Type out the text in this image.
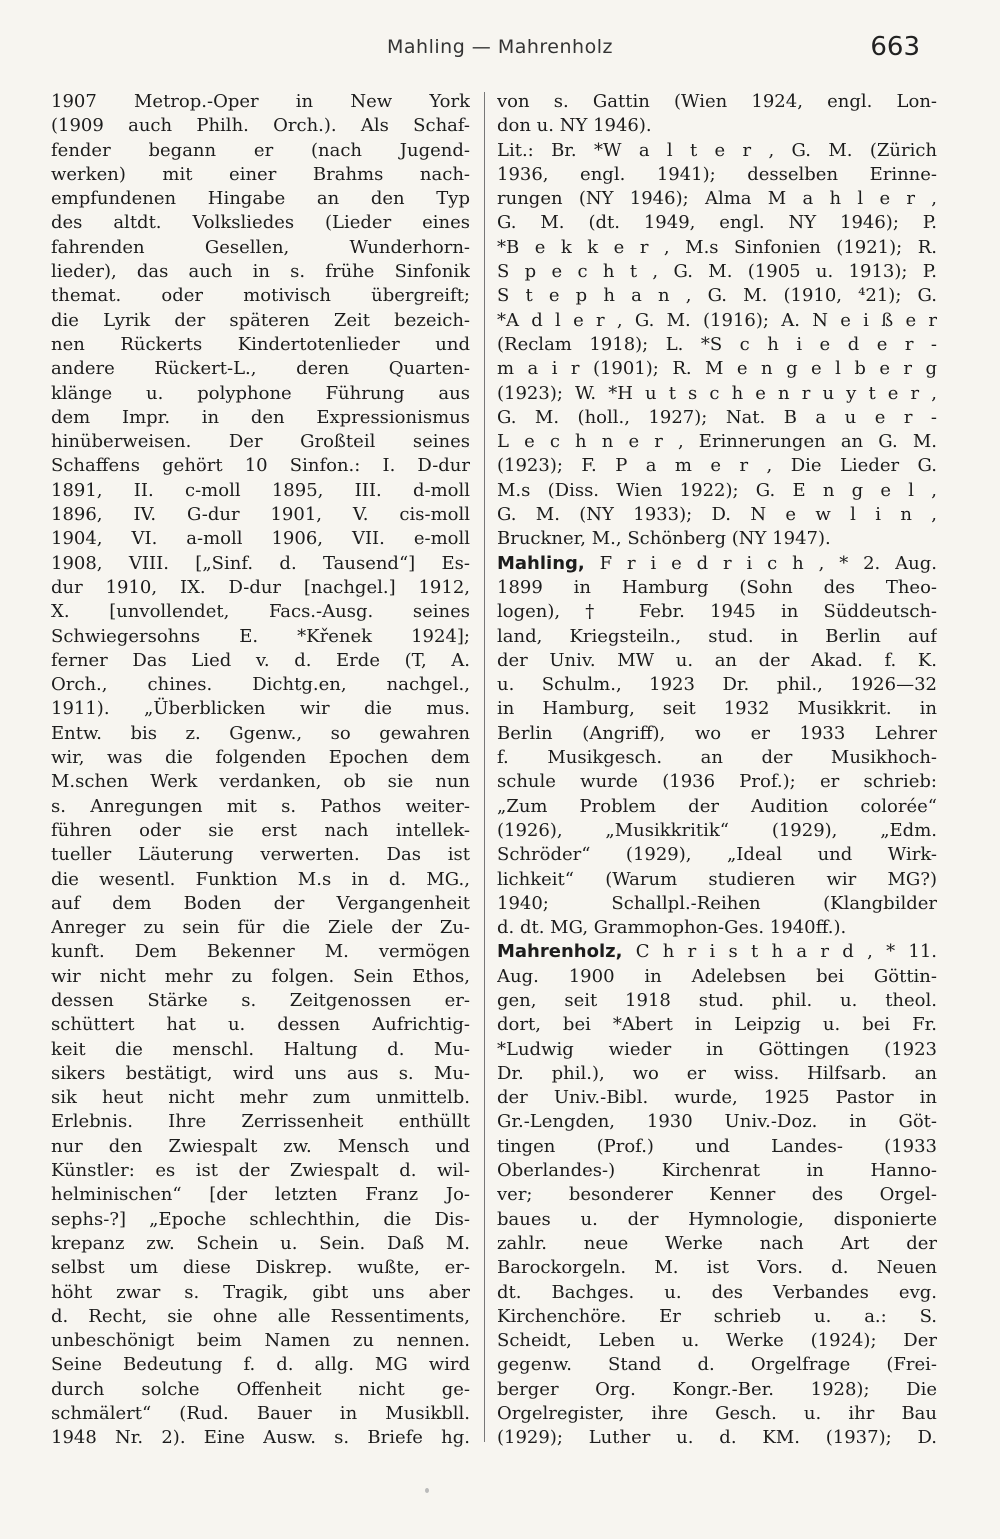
Mahling — Mahrenholz	663
1907 Metrop.-Oper in New York
(1909 auch Philh. Orch.). Als Schaf-
fender begann er (nach Jugend-
werken) mit einer Brahms nach-
empfundenen Hingabe an den Typ
des altdt. Volksliedes (Lieder eines
fahrenden Gesellen, Wunderhorn-
lieder), das auch in s. frühe Sinfonik
themat. oder motivisch übergreift;
die Lyrik der späteren Zeit bezeich-
nen Rückerts Kindertotenlieder und
andere Rückert-L., deren Quarten-
klänge u. polyphone Führung aus
dem Impr. in den Expressionismus
hinüberweisen. Der Großteil seines
Schaffens gehört 10 Sinfon.: I. D-dur
1891, II. c-moll 1895, III. d-moll
1896, IV. G-dur 1901, V. cis-moll
1904, VI. a-moll 1906, VII. e-moll
1908, VIII. [„Sinf. d. Tausend“] Es-
dur 1910, IX. D-dur [nachgel.] 1912,
X. [unvollendet, Facs.-Ausg. seines
Schwiegersohns E. *Křenek 1924];
ferner Das Lied v. d. Erde (T, A.
Orch., chines. Dichtg.en, nachgel.,
1911). „Überblicken wir die mus.
Entw. bis z. Ggenw., so gewahren
wir, was die folgenden Epochen dem
M.schen Werk verdanken, ob sie nun
s. Anregungen mit s. Pathos weiter-
führen oder sie erst nach intellek-
tueller Läuterung verwerten. Das ist
die wesentl. Funktion M.s in d. MG.,
auf dem Boden der Vergangenheit
Anreger zu sein für die Ziele der Zu-
kunft. Dem Bekenner M. vermögen
wir nicht mehr zu folgen. Sein Ethos,
dessen Stärke s. Zeitgenossen er-
schüttert hat u. dessen Aufrichtig-
keit die menschl. Haltung d. Mu-
sikers bestätigt, wird uns aus s. Mu-
sik heut nicht mehr zum unmittelb.
Erlebnis. Ihre Zerrissenheit enthüllt
nur den Zwiespalt zw. Mensch und
Künstler: es ist der Zwiespalt d. wil-
helminischen“ [der letzten Franz Jo-
sephs-?] „Epoche schlechthin, die Dis-
krepanz zw. Schein u. Sein. Daß M.
selbst um diese Diskrep. wußte, er-
höht zwar s. Tragik, gibt uns aber
d. Recht, sie ohne alle Ressentiments,
unbeschönigt beim Namen zu nennen.
Seine Bedeutung f. d. allg. MG wird
durch solche Offenheit nicht ge-
schmälert“ (Rud. Bauer in Musikbll.
1948 Nr. 2). Eine Ausw. s. Briefe hg.
von s. Gattin (Wien 1924, engl. Lon-
don u. NY 1946).
Lit.: Br. *W a l t e r , G. M. (Zürich
1936, engl. 1941); desselben Erinne-
rungen (NY 1946); Alma M a h l e r ,
G. M. (dt. 1949, engl. NY 1946); P.
*B e k k e r , M.s Sinfonien (1921); R.
S p e c h t , G. M. (1905 u. 1913); P.
S t e p h a n , G. M. (1910, ⁴21); G.
*A d l e r , G. M. (1916); A. N e i ß e r
(Reclam 1918); L. *S c h i e d e r -
m a i r (1901); R. M e n g e l b e r g
(1923); W. *H u t s c h e n r u y t e r ,
G. M. (holl., 1927); Nat. B a u e r -
L e c h n e r , Erinnerungen an G. M.
(1923); F. P a m e r , Die Lieder G.
M.s (Diss. Wien 1922); G. E n g e l ,
G. M. (NY 1933); D. N e w l i n ,
Bruckner, M., Schönberg (NY 1947).
Mahling, F r i e d r i c h , * 2. Aug.
1899 in Hamburg (Sohn des Theo-
logen), † Febr. 1945 in Süddeutsch-
land, Kriegsteiln., stud. in Berlin auf
der Univ. MW u. an der Akad. f. K.
u. Schulm., 1923 Dr. phil., 1926—32
in Hamburg, seit 1932 Musikkrit. in
Berlin (Angriff), wo er 1933 Lehrer
f. Musikgesch. an der Musikhoch-
schule wurde (1936 Prof.); er schrieb:
„Zum Problem der Audition colorée“
(1926), „Musikkritik“ (1929), „Edm.
Schröder“ (1929), „Ideal und Wirk-
lichkeit“ (Warum studieren wir MG?)
1940; Schallpl.-Reihen (Klangbilder
d. dt. MG, Grammophon-Ges. 1940ff.).
Mahrenholz, C h r i s t h a r d , * 11.
Aug. 1900 in Adelebsen bei Göttin-
gen, seit 1918 stud. phil. u. theol.
dort, bei *Abert in Leipzig u. bei Fr.
*Ludwig wieder in Göttingen (1923
Dr. phil.), wo er wiss. Hilfsarb. an
der Univ.-Bibl. wurde, 1925 Pastor in
Gr.-Lengden, 1930 Univ.-Doz. in Göt-
tingen (Prof.) und Landes- (1933
Oberlandes-) Kirchenrat in Hanno-
ver; besonderer Kenner des Orgel-
baues u. der Hymnologie, disponierte
zahlr. neue Werke nach Art der
Barockorgeln. M. ist Vors. d. Neuen
dt. Bachges. u. des Verbandes evg.
Kirchenchöre. Er schrieb u. a.: S.
Scheidt, Leben u. Werke (1924); Der
gegenw. Stand d. Orgelfrage (Frei-
berger Org. Kongr.-Ber. 1928); Die
Orgelregister, ihre Gesch. u. ihr Bau
(1929); Luther u. d. KM. (1937); D.
